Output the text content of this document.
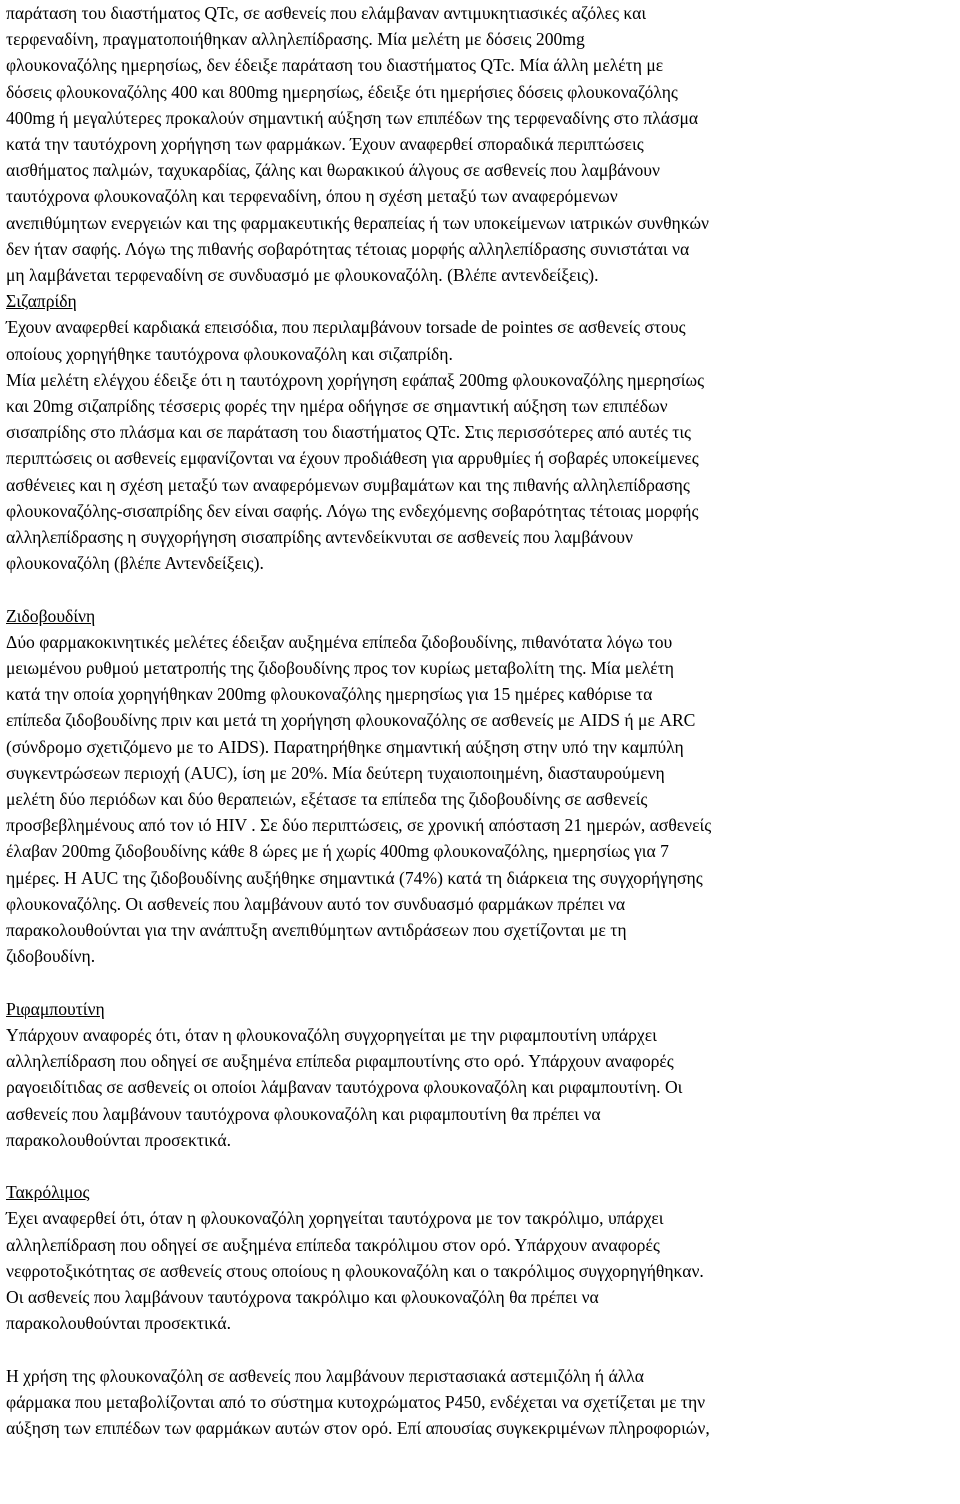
παράταση του διαστήματος QTc, σε ασθενείς που ελάμβαναν αντιμυκητιασικές αζόλες και
τερφεναδίνη, πραγματοποιήθηκαν αλληλεπίδρασης. Μία μελέτη με δόσεις 200mg
φλουκοναζόλης ημερησίως, δεν έδειξε παράταση του διαστήματος QTc. Μία άλλη μελέτη με
δόσεις φλουκοναζόλης 400 και 800mg ημερησίως, έδειξε ότι ημερήσιες δόσεις φλουκοναζόλης
400mg ή μεγαλύτερες προκαλούν σημαντική αύξηση των επιπέδων της τερφεναδίνης στο πλάσμα
κατά την ταυτόχρονη χορήγηση των φαρμάκων. Έχουν αναφερθεί σποραδικά περιπτώσεις
αισθήματος παλμών, ταχυκαρδίας, ζάλης και θωρακικού άλγους σε ασθενείς που λαμβάνουν
ταυτόχρονα φλουκοναζόλη και τερφεναδίνη, όπου η σχέση μεταξύ των αναφερόμενων
ανεπιθύμητων ενεργειών και της φαρμακευτικής θεραπείας ή των υποκείμενων ιατρικών συνθηκών
δεν ήταν σαφής. Λόγω της πιθανής σοβαρότητας τέτοιας μορφής αλληλεπίδρασης συνιστάται να
μη λαμβάνεται τερφεναδίνη σε συνδυασμό με φλουκοναζόλη. (Βλέπε αντενδείξεις).
Σιζαπρίδη
Έχουν αναφερθεί καρδιακά επεισόδια, που περιλαμβάνουν torsade de pointes σε ασθενείς στους
οποίους χορηγήθηκε ταυτόχρονα φλουκοναζόλη και σιζαπρίδη.
Μία μελέτη ελέγχου έδειξε ότι η ταυτόχρονη χορήγηση εφάπαξ 200mg φλουκοναζόλης ημερησίως
και 20mg σιζαπρίδης τέσσερις φορές την ημέρα οδήγησε σε σημαντική αύξηση των επιπέδων
σισαπρίδης στο πλάσμα και σε παράταση του διαστήματος QTc. Στις περισσότερες από αυτές τις
περιπτώσεις οι ασθενείς εμφανίζονται να έχουν προδιάθεση για αρρυθμίες ή σοβαρές υποκείμενες
ασθένειες και η σχέση μεταξύ των αναφερόμενων συμβαμάτων και της πιθανής αλληλεπίδρασης
φλουκοναζόλης-σισαπρίδης δεν είναι σαφής. Λόγω της ενδεχόμενης σοβαρότητας τέτοιας μορφής
αλληλεπίδρασης η συγχορήγηση σισαπρίδης αντενδείκνυται σε ασθενείς που λαμβάνουν
φλουκοναζόλη (βλέπε Αντενδείξεις).
Ζιδοβουδίνη
Δύο φαρμακοκινητικές μελέτες έδειξαν αυξημένα επίπεδα ζιδοβουδίνης, πιθανότατα λόγω του
μειωμένου ρυθμού μετατροπής της ζιδοβουδίνης προς τον κυρίως μεταβολίτη της. Μία μελέτη
κατά την οποία χορηγήθηκαν 200mg φλουκοναζόλης ημερησίως για 15 ημέρες καθόριse τα
επίπεδα ζιδοβουδίνης πριν και μετά τη χορήγηση φλουκοναζόλης σε ασθενείς με AIDS ή με ARC
(σύνδρομο σχετιζόμενο με το AIDS). Παρατηρήθηκε σημαντική αύξηση στην υπό την καμπύλη
συγκεντρώσεων περιοχή (AUC), ίση με 20%. Μία δεύτερη τυχαιοποιημένη, διασταυρούμενη
μελέτη δύο περιόδων και δύο θεραπειών, εξέτασε τα επίπεδα της ζιδοβουδίνης σε ασθενείς
προσβεβλημένους από τον ιό HIV . Σε δύο περιπτώσεις, σε χρονική απόσταση 21 ημερών, ασθενείς
έλαβαν 200mg ζιδοβουδίνης κάθε 8 ώρες με ή χωρίς 400mg φλουκοναζόλης, ημερησίως για 7
ημέρες. Η AUC της ζιδοβουδίνης αυξήθηκε σημαντικά (74%) κατά τη διάρκεια της συγχορήγησης
φλουκοναζόλης. Οι ασθενείς που λαμβάνουν αυτό τον συνδυασμό φαρμάκων πρέπει να
παρακολουθούνται για την ανάπτυξη ανεπιθύμητων αντιδράσεων που σχετίζονται με τη
ζιδοβουδίνη.
Ριφαμπουτίνη
Υπάρχουν αναφορές ότι, όταν η φλουκοναζόλη συγχορηγείται με την ριφαμπουτίνη υπάρχει
αλληλεπίδραση που οδηγεί σε αυξημένα επίπεδα ριφαμπουτίνης στο ορό. Υπάρχουν αναφορές
ραγοειδίτιδας σε ασθενείς οι οποίοι λάμβαναν ταυτόχρονα φλουκοναζόλη και ριφαμπουτίνη. Οι
ασθενείς που λαμβάνουν ταυτόχρονα φλουκοναζόλη και ριφαμπουτίνη θα πρέπει να
παρακολουθούνται προσεκτικά.
Τακρόλιμος
Έχει αναφερθεί ότι, όταν η φλουκοναζόλη χορηγείται ταυτόχρονα με τον τακρόλιμο, υπάρχει
αλληλεπίδραση που οδηγεί σε αυξημένα επίπεδα τακρόλιμου στον ορό. Υπάρχουν αναφορές
νεφροτοξικότητας σε ασθενείς στους οποίους η φλουκοναζόλη και ο τακρόλιμος συγχορηγήθηκαν.
Οι ασθενείς που λαμβάνουν ταυτόχρονα τακρόλιμο και φλουκοναζόλη θα πρέπει να
παρακολουθούνται προσεκτικά.
Η χρήση της φλουκοναζόλη σε ασθενείς που λαμβάνουν περιστασιακά αστεμιζόλη ή άλλα
φάρμακα που μεταβολίζονται από το σύστημα κυτοχρώματος P450, ενδέχεται να σχετίζεται με την
αύξηση των επιπέδων των φαρμάκων αυτών στον ορό. Επί απουσίας συγκεκριμένων πληροφοριών,
